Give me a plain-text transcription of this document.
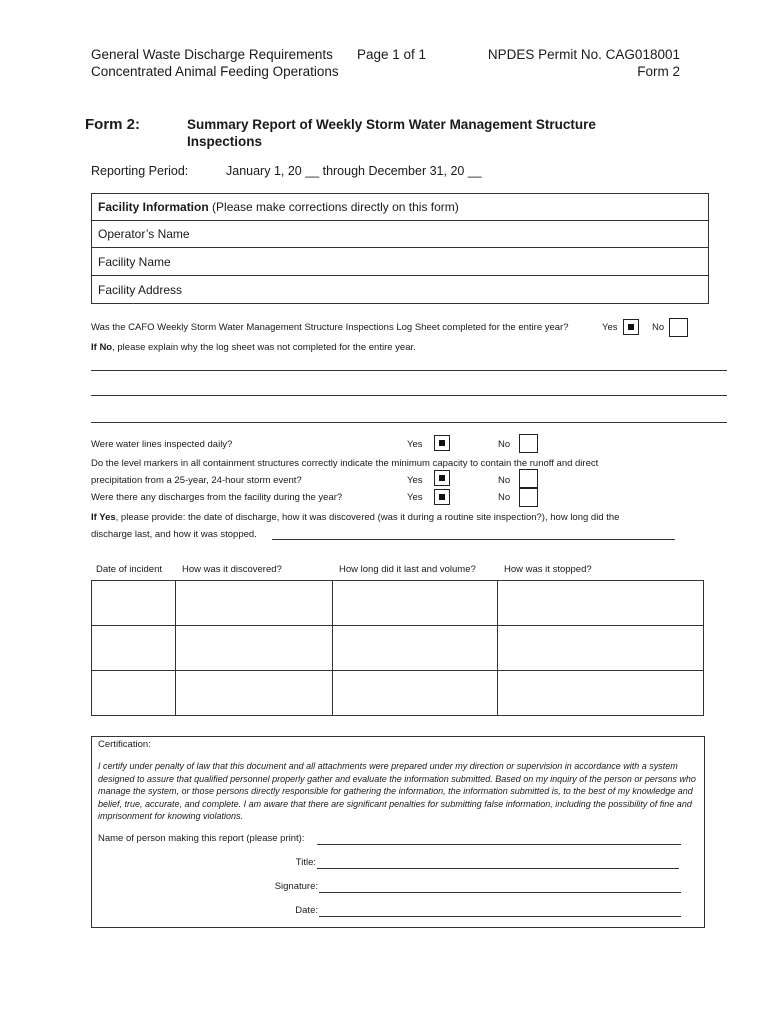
General Waste Discharge Requirements
Concentrated Animal Feeding Operations
Page 1 of 1	NPDES Permit No. CAG018001
Form 2
Form 2:	Summary Report of Weekly Storm Water Management Structure
Inspections
Reporting Period:	January 1, 20 __ through December 31, 20 __
Facility Information (Please make corrections directly on this form)
Operator’s Name
Facility Name
Facility Address
Was the CAFO Weekly Storm Water Management Structure Inspections Log Sheet completed for the entire year?	Yes	No
If No, please explain why the log sheet was not completed for the entire year.
Were water lines inspected daily?	Yes	No
Do the level markers in all containment structures correctly indicate the minimum capacity to contain the runoff and direct
precipitation from a 25-year, 24-hour storm event?	Yes	No
Were there any discharges from the facility during the year?	Yes	No
If Yes, please provide: the date of discharge, how it was discovered (was it during a routine site inspection?), how long did the
discharge last, and how it was stopped.
Date of incident How was it discovered?	How long did it last and volume?	How was it stopped?

Certification:
I certify under penalty of law that this document and all attachments were prepared under my direction or supervision in accordance with a system designed to assure that qualified personnel properly gather and evaluate the information submitted. Based on my inquiry of the person or persons who manage the system, or those persons directly responsible for gathering the information, the information submitted is, to the best of my knowledge and belief, true, accurate, and complete. I am aware that there are significant penalties for submitting false information, including the possibility of fine and imprisonment for knowing violations.
Name of person making this report (please print):
Title:
Signature:
Date:
